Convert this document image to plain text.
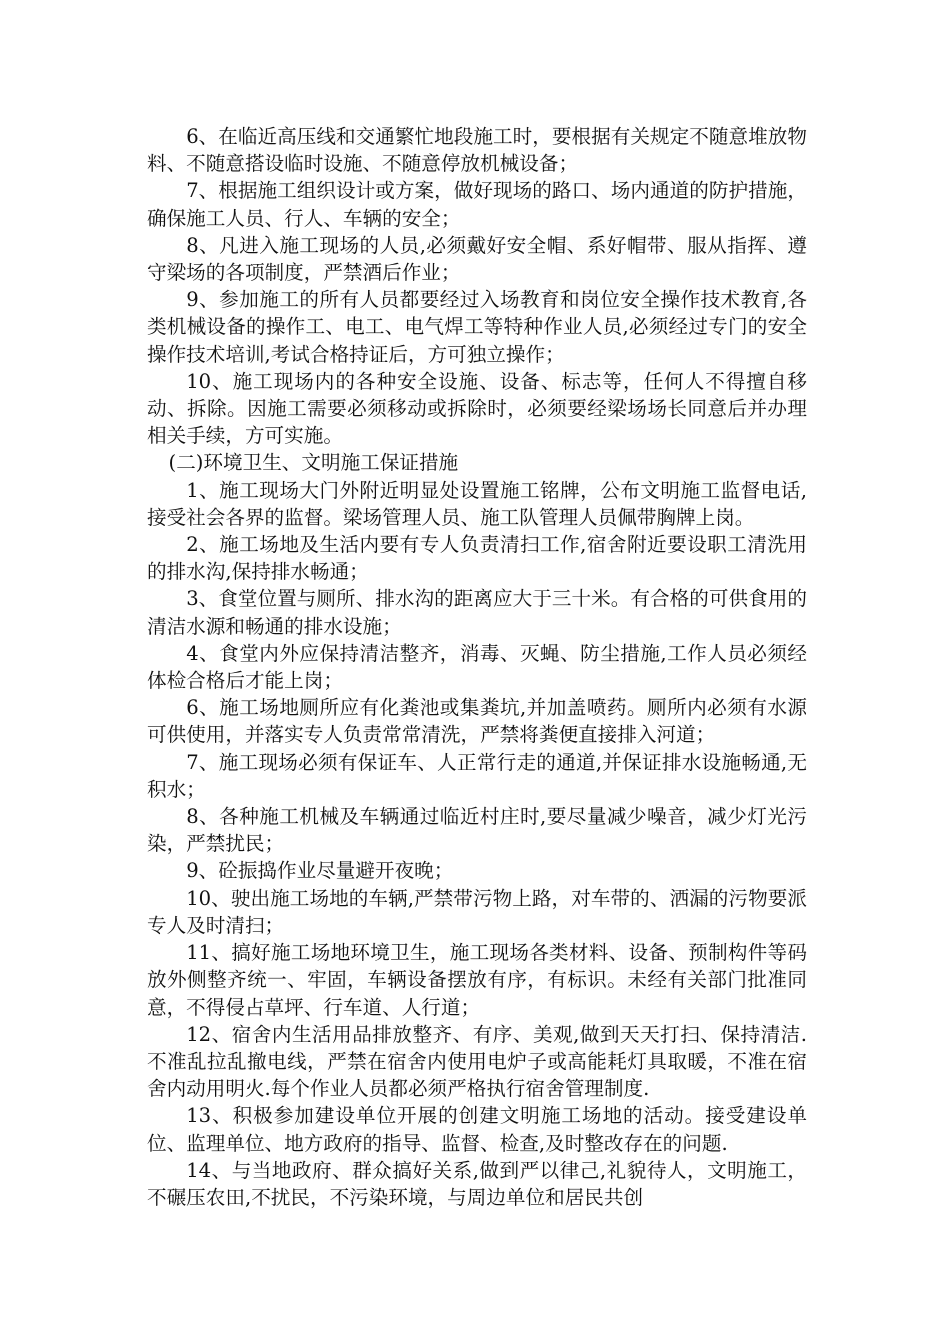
6、在临近高压线和交通繁忙地段施工时，要根据有关规定不随意堆放物料、不随意搭设临时设施、不随意停放机械设备；

7、根据施工组织设计或方案，做好现场的路口、场内通道的防护措施，确保施工人员、行人、车辆的安全；

8、凡进入施工现场的人员,必须戴好安全帽、系好帽带、服从指挥、遵守梁场的各项制度，严禁酒后作业；

9、参加施工的所有人员都要经过入场教育和岗位安全操作技术教育,各类机械设备的操作工、电工、电气焊工等特种作业人员,必须经过专门的安全操作技术培训,考试合格持证后，方可独立操作；

10、施工现场内的各种安全设施、设备、标志等，任何人不得擅自移动、拆除。因施工需要必须移动或拆除时，必须要经梁场场长同意后并办理相关手续，方可实施。

(二)环境卫生、文明施工保证措施

1、施工现场大门外附近明显处设置施工铭牌，公布文明施工监督电话,接受社会各界的监督。梁场管理人员、施工队管理人员佩带胸牌上岗。

2、施工场地及生活内要有专人负责清扫工作,宿舍附近要设职工清洗用的排水沟,保持排水畅通；

3、食堂位置与厕所、排水沟的距离应大于三十米。有合格的可供食用的清洁水源和畅通的排水设施；

4、食堂内外应保持清洁整齐，消毒、灭蝇、防尘措施,工作人员必须经体检合格后才能上岗；

6、施工场地厕所应有化粪池或集粪坑,并加盖喷药。厕所内必须有水源可供使用，并落实专人负责常常清洗，严禁将粪便直接排入河道；

7、施工现场必须有保证车、人正常行走的通道,并保证排水设施畅通,无积水；

8、各种施工机械及车辆通过临近村庄时,要尽量减少噪音，减少灯光污染，严禁扰民；

9、砼振捣作业尽量避开夜晚；

10、驶出施工场地的车辆,严禁带污物上路，对车带的、洒漏的污物要派专人及时清扫；

11、搞好施工场地环境卫生，施工现场各类材料、设备、预制构件等码放外侧整齐统一、牢固，车辆设备摆放有序，有标识。未经有关部门批准同意，不得侵占草坪、行车道、人行道；

12、宿舍内生活用品排放整齐、有序、美观,做到天天打扫、保持清洁.不准乱拉乱撤电线，严禁在宿舍内使用电炉子或高能耗灯具取暖，不准在宿舍内动用明火.每个作业人员都必须严格执行宿舍管理制度.

13、积极参加建设单位开展的创建文明施工场地的活动。接受建设单位、监理单位、地方政府的指导、监督、检查,及时整改存在的问题.

14、与当地政府、群众搞好关系,做到严以律己,礼貌待人，文明施工，不碾压农田,不扰民，不污染环境，与周边单位和居民共创
